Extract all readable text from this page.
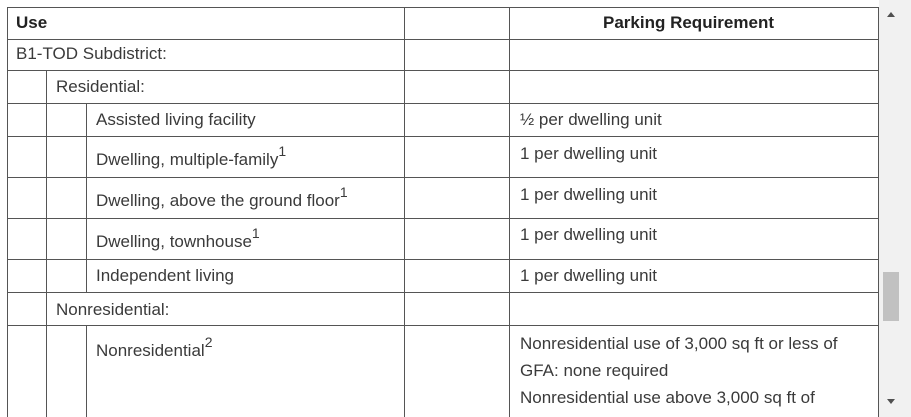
Use	Parking Requirement
B1-TOD Subdistrict:
Residential:
Assisted living facility	½ per dwelling unit
Dwelling, multiple-family$^1$	1 per dwelling unit
Dwelling, above the ground floor$^1$	1 per dwelling unit
Dwelling, townhouse$^1$	1 per dwelling unit
Independent living	1 per dwelling unit
Nonresidential:
Nonresidential$^2$	Nonresidential use of 3,000 sq ft or less of
GFA: none required
Nonresidential use above 3,000 sq ft of
